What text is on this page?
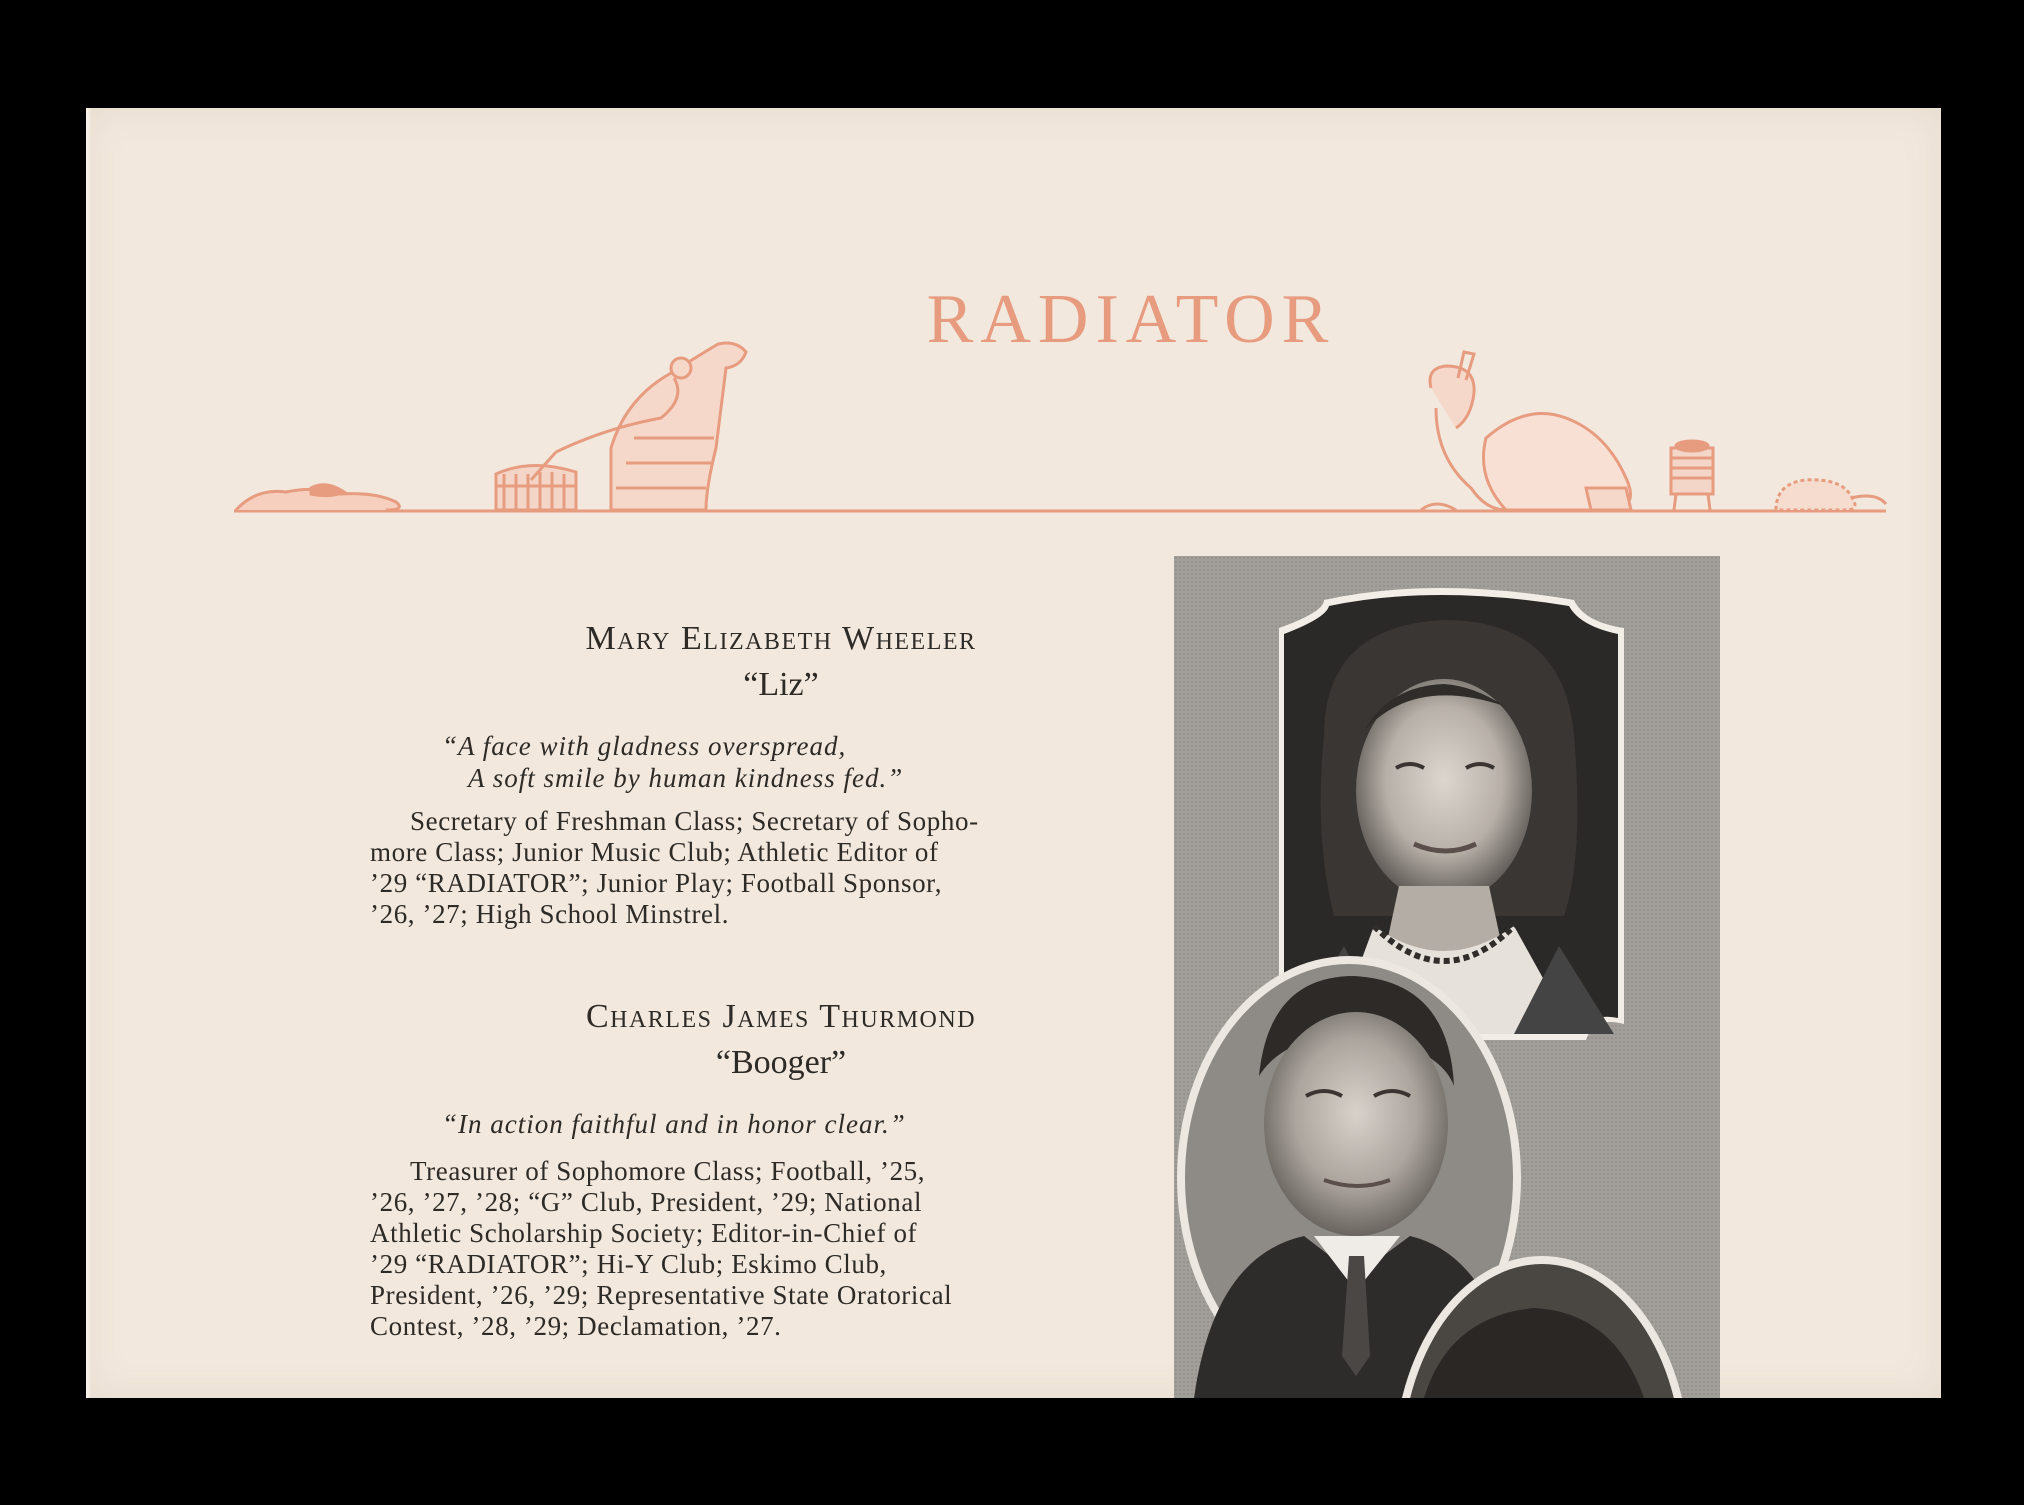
RADIATOR
Mary Elizabeth Wheeler
“Liz”
“A face with gladness overspread,
A soft smile by human kindness fed.”
Secretary of Freshman Class; Secretary of Sopho-
more Class; Junior Music Club; Athletic Editor of
’29 “RADIATOR”; Junior Play; Football Sponsor,
’26, ’27; High School Minstrel.
Charles James Thurmond
“Booger”
“In action faithful and in honor clear.”
Treasurer of Sophomore Class; Football, ’25,
’26, ’27, ’28; “G” Club, President, ’29; National
Athletic Scholarship Society; Editor-in-Chief of
’29 “RADIATOR”; Hi-Y Club; Eskimo Club,
President, ’26, ’29; Representative State Oratorical
Contest, ’28, ’29; Declamation, ’27.
